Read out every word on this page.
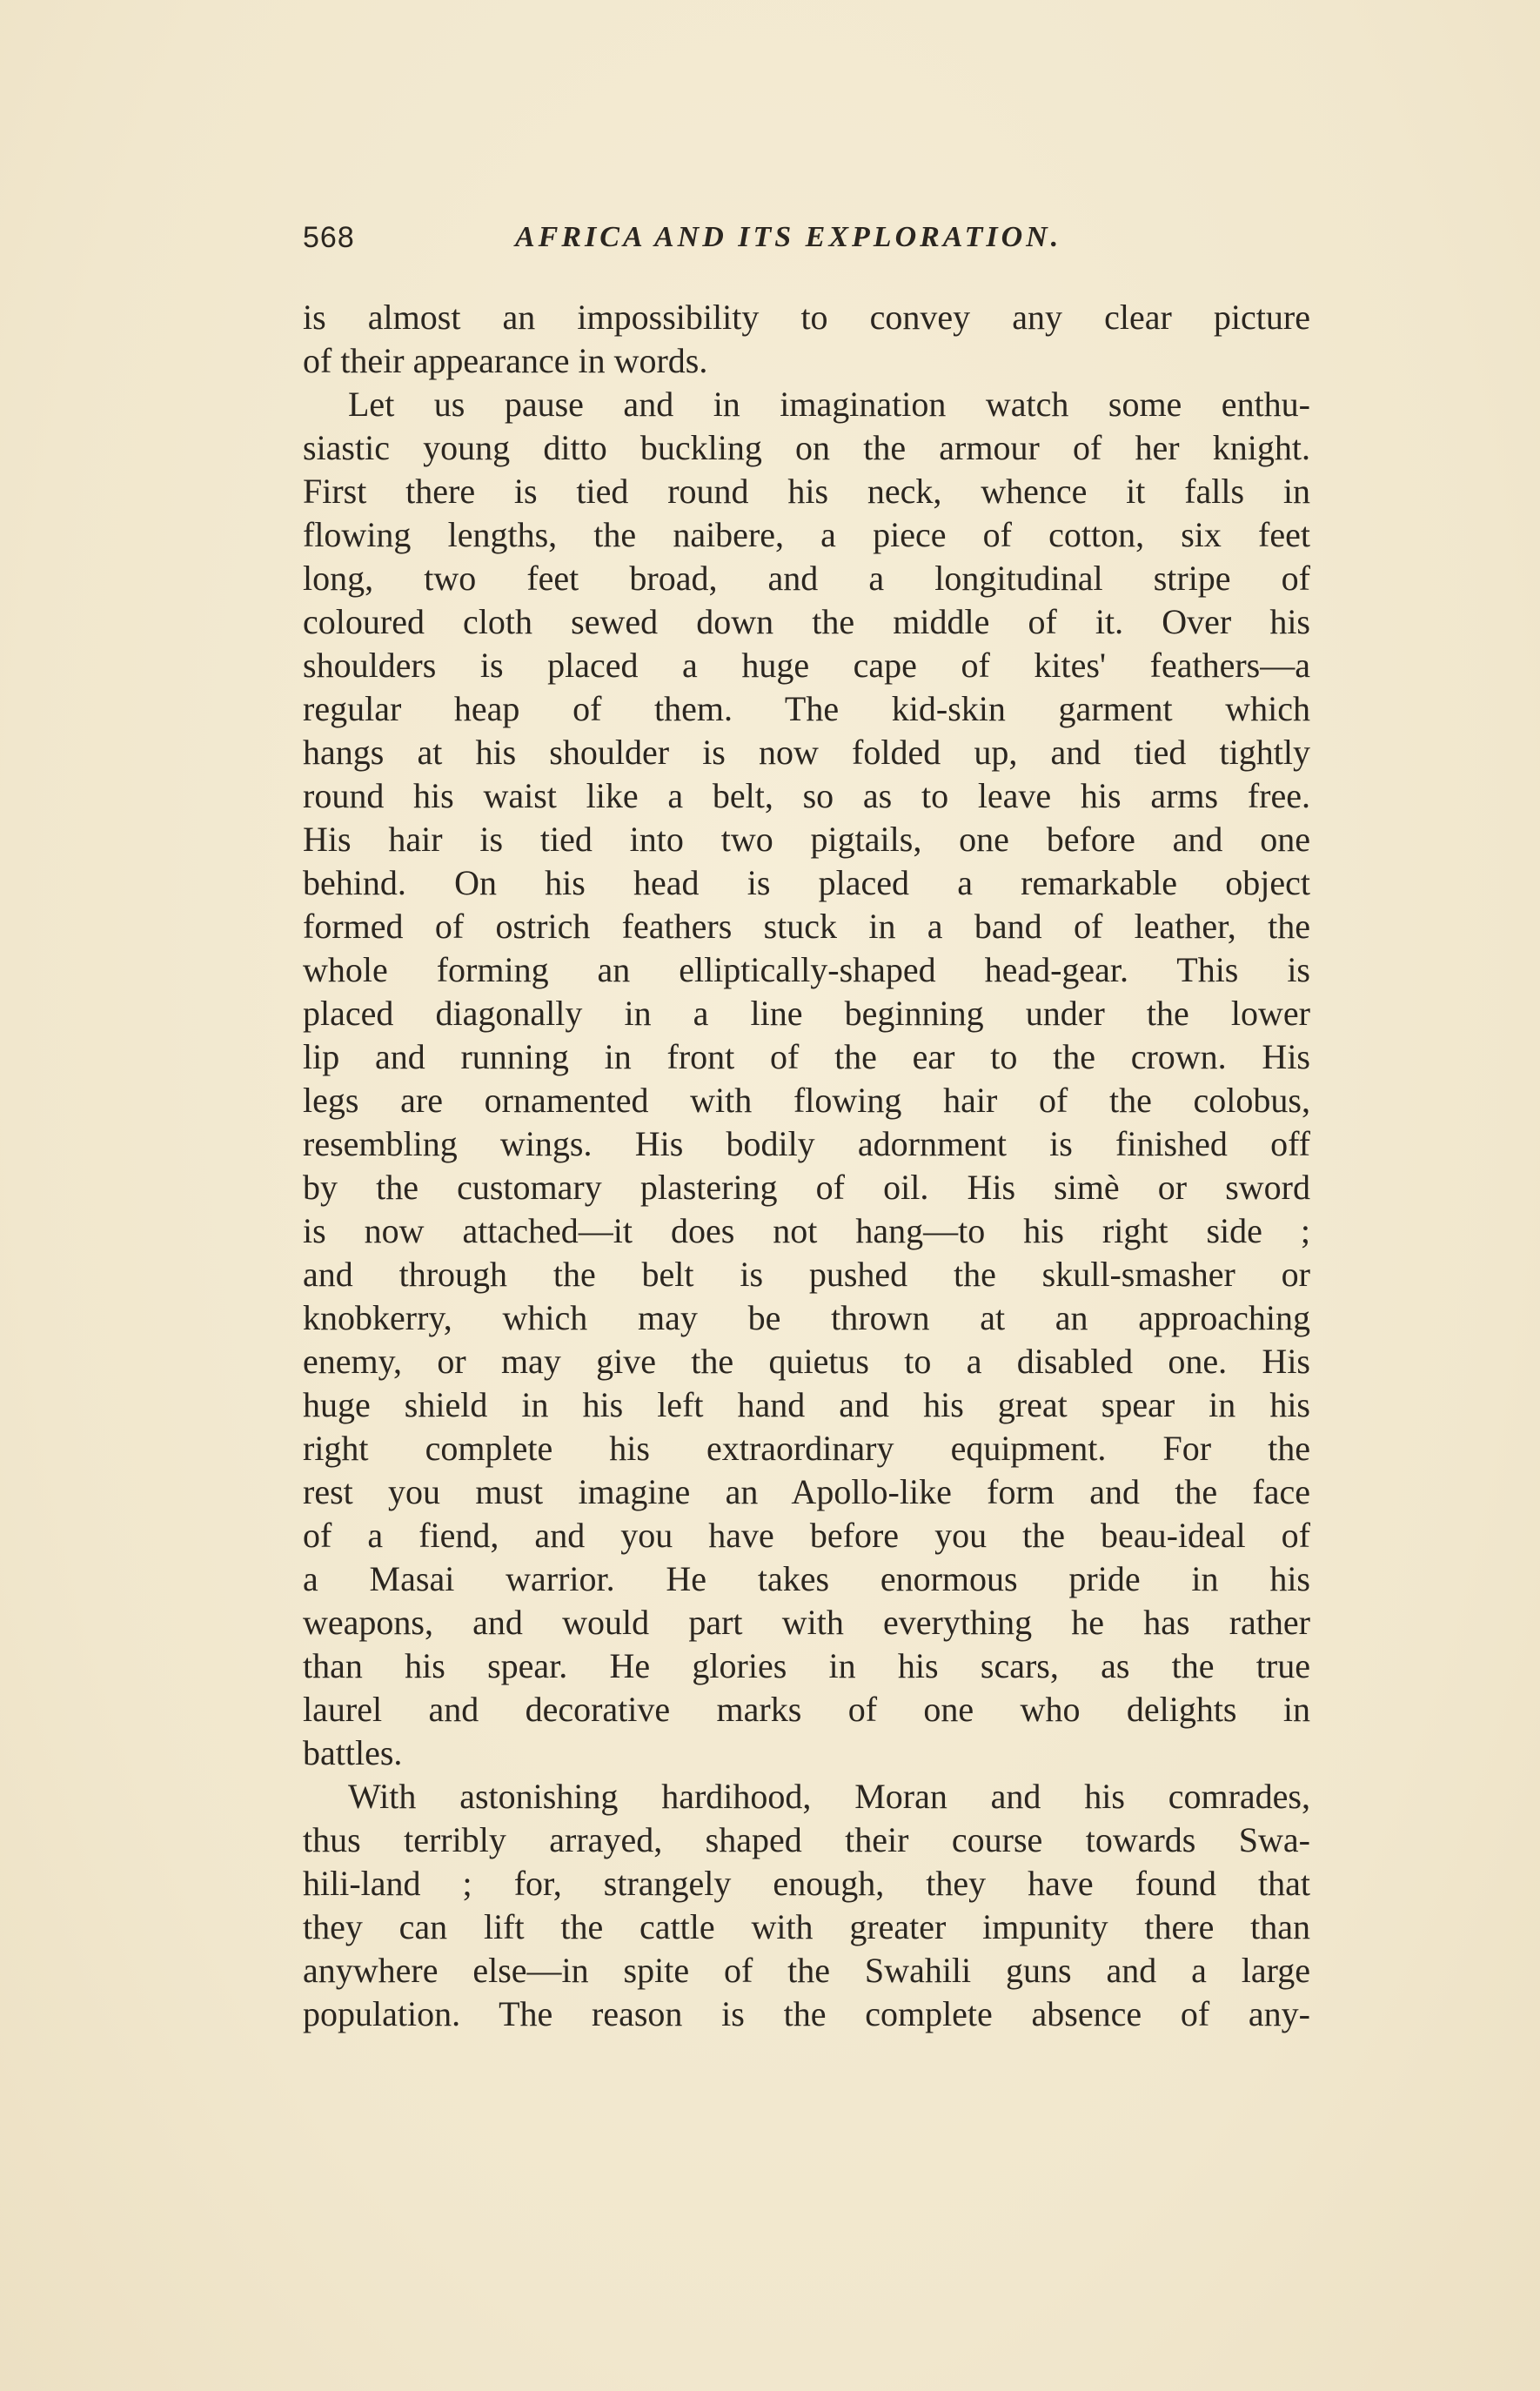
568	AFRICA AND ITS EXPLORATION.
is almost an impossibility to convey any clear picture
of their appearance in words.
Let us pause and in imagination watch some enthu-
siastic young ditto buckling on the armour of her knight.
First there is tied round his neck, whence it falls in
flowing lengths, the naibere, a piece of cotton, six feet
long, two feet broad, and a longitudinal stripe of
coloured cloth sewed down the middle of it. Over his
shoulders is placed a huge cape of kites' feathers—a
regular heap of them. The kid-skin garment which
hangs at his shoulder is now folded up, and tied tightly
round his waist like a belt, so as to leave his arms free.
His hair is tied into two pigtails, one before and one
behind. On his head is placed a remarkable object
formed of ostrich feathers stuck in a band of leather, the
whole forming an elliptically-shaped head-gear. This is
placed diagonally in a line beginning under the lower
lip and running in front of the ear to the crown. His
legs are ornamented with flowing hair of the colobus,
resembling wings. His bodily adornment is finished off
by the customary plastering of oil. His simè or sword
is now attached—it does not hang—to his right side ;
and through the belt is pushed the skull-smasher or
knobkerry, which may be thrown at an approaching
enemy, or may give the quietus to a disabled one. His
huge shield in his left hand and his great spear in his
right complete his extraordinary equipment. For the
rest you must imagine an Apollo-like form and the face
of a fiend, and you have before you the beau-ideal of
a Masai warrior. He takes enormous pride in his
weapons, and would part with everything he has rather
than his spear. He glories in his scars, as the true
laurel and decorative marks of one who delights in
battles.
With astonishing hardihood, Moran and his comrades,
thus terribly arrayed, shaped their course towards Swa-
hili-land ; for, strangely enough, they have found that
they can lift the cattle with greater impunity there than
anywhere else—in spite of the Swahili guns and a large
population. The reason is the complete absence of any-
